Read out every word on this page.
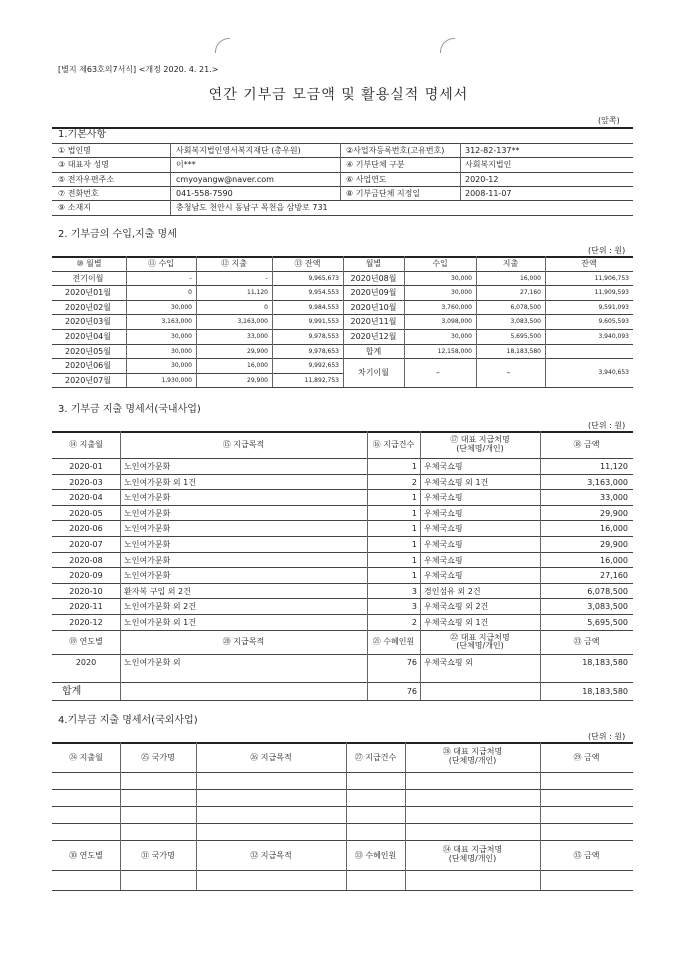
[별지 제63호의7서식] <개정 2020. 4. 21.>
연간 기부금 모금액 및 활용실적 명세서
(앞쪽)
1.기본사항
2. 기부금의 수입,지출 명세
(단위 : 원)
3. 기부금 지출 명세서(국내사업)
(단위 : 원)
4.기부금 지출 명세서(국외사업)
(단위 : 원)
① 법인명	사회복지법인영서복지재단 (총우원)	②사업자등록번호(고유번호)	312-82-137**
③ 대표자 성명	이***	④ 기부단체 구분	사회복지법인
⑤ 전자우편주소	cmyoyangw@naver.com	⑥ 사업연도	2020-12
⑦ 전화번호	041-558-7590	⑧ 기부금단체 지정일	2008-11-07
⑨ 소재지	충청남도 천안시 동남구 목천읍 삼방로 731
⑩ 월별	⑪ 수입	⑫ 지출	⑬ 잔액	월별	수입	지출	잔액
전기이월	–	–	9,965,673
2020년01월	0	11,120	9,954,553
2020년02월	30,000	0	9,984,553
2020년03월	3,163,000	3,163,000	9,991,553
2020년04월	30,000	33,000	9,978,553
2020년05월	30,000	29,900	9,978,653
2020년06월	30,000	16,000	9,992,653
2020년07월	1,930,000	29,900	11,892,753
2020년08월	30,000	16,000	11,906,753
2020년09월	30,000	27,160	11,909,593
2020년10월	3,760,000	6,078,500	9,591,093
2020년11월	3,098,000	3,083,500	9,605,593
2020년12월	30,000	5,695,500	3,940,093
합계	12,158,000	18,183,580
차기이월	–	–	3,940,653
⑭ 지출월	⑮ 지급목적	⑯ 지급건수
⑰ 대표 지급처명
(단체명/개인)	⑱ 금액
2020-01	노인여가문화	1 우체국쇼핑	11,120
2020-03	노인여가문화 외 1건	2 우체국쇼핑 외 1건	3,163,000
2020-04	노인여가문화	1 우체국쇼핑	33,000
2020-05	노인여가문화	1 우체국쇼핑	29,900
2020-06	노인여가문화	1 우체국쇼핑	16,000
2020-07	노인여가문화	1 우체국쇼핑	29,900
2020-08	노인여가문화	1 우체국쇼핑	16,000
2020-09	노인여가문화	1 우체국쇼핑	27,160
2020-10	환자복 구입 외 2건	3 경인섬유 외 2건	6,078,500
2020-11	노인여가문화 외 2건	3 우체국쇼핑 외 2건	3,083,500
2020-12	노인여가문화 외 1건	2 우체국쇼핑 외 1건	5,695,500
⑲ 연도별	⑳ 지급목적	㉑ 수혜인원	㉒ 대표 지급처명
(단체명/개인)
㉓ 금액
2020	노인여가문화 외	76 우체국쇼핑 외	18,183,580
합계	76	18,183,580
㉔ 지출월	㉕ 국가명	㉖ 지급목적	㉗ 지급건수
㉘ 대표 지급처명
(단체명/개인)	㉙ 금액
㉚ 연도별	㉛ 국가명	㉜ 지급목적	㉝ 수혜인원
㉞ 대표 지급처명
(단체명/개인)	㉟ 금액
